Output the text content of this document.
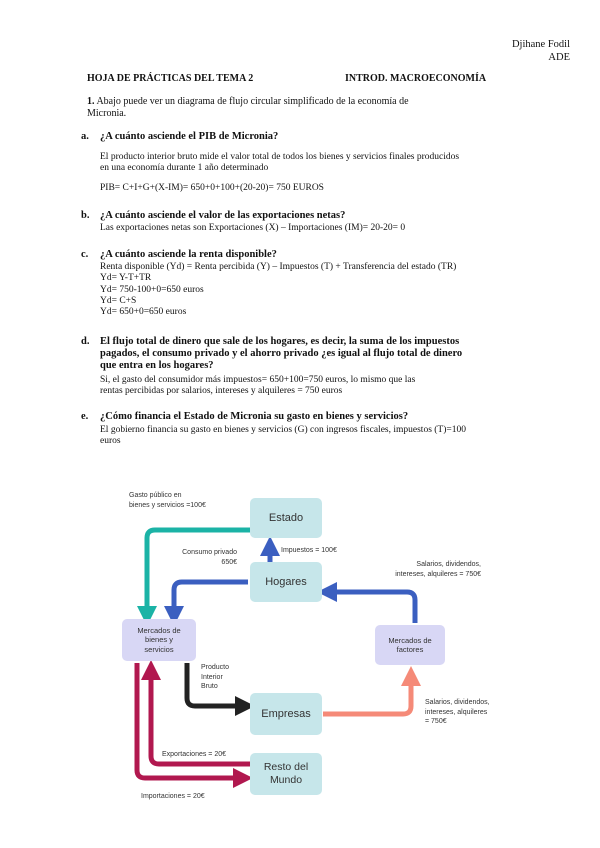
Djihane Fodil
ADE
HOJA DE PRÁCTICAS DEL TEMA 2	INTROD. MACROECONOMÍA
1. Abajo puede ver un diagrama de flujo circular simplificado de la economía de
Micronia.
a. ¿A cuánto asciende el PIB de Micronia?
El producto interior bruto mide el valor total de todos los bienes y servicios finales producidos
en una economía durante 1 año determinado
PIB= C+I+G+(X-IM)= 650+0+100+(20-20)= 750 EUROS
b. ¿A cuánto asciende el valor de las exportaciones netas?
Las exportaciones netas son Exportaciones (X) – Importaciones (IM)= 20-20= 0
c. ¿A cuánto asciende la renta disponible?
Renta disponible (Yd) = Renta percibida (Y) – Impuestos (T) + Transferencia del estado (TR)
Yd= Y-T+TR
Yd= 750-100+0=650 euros
Yd= C+S
Yd= 650+0=650 euros
d. El flujo total de dinero que sale de los hogares, es decir, la suma de los impuestos
pagados, el consumo privado y el ahorro privado ¿es igual al flujo total de dinero
que entra en los hogares?
Si, el gasto del consumidor más impuestos= 650+100=750 euros, lo mismo que las
rentas percibidas por salarios, intereses y alquileres = 750 euros
e. ¿Cómo financia el Estado de Micronia su gasto en bienes y servicios?
El gobierno financia su gasto en bienes y servicios (G) con ingresos fiscales, impuestos (T)=100
euros
Estado
Hogares
Mercados de
bienes y
servicios
Mercados de
factores
Empresas
Resto del
Mundo
Gasto público en
bienes y servicios =100€
Consumo privado
650€
Impuestos = 100€
Salarios, dividendos,
intereses, alquileres = 750€
Producto
Interior
Bruto
Salarios, dividendos,
intereses, alquileres
= 750€
Exportaciones = 20€
Importaciones = 20€
